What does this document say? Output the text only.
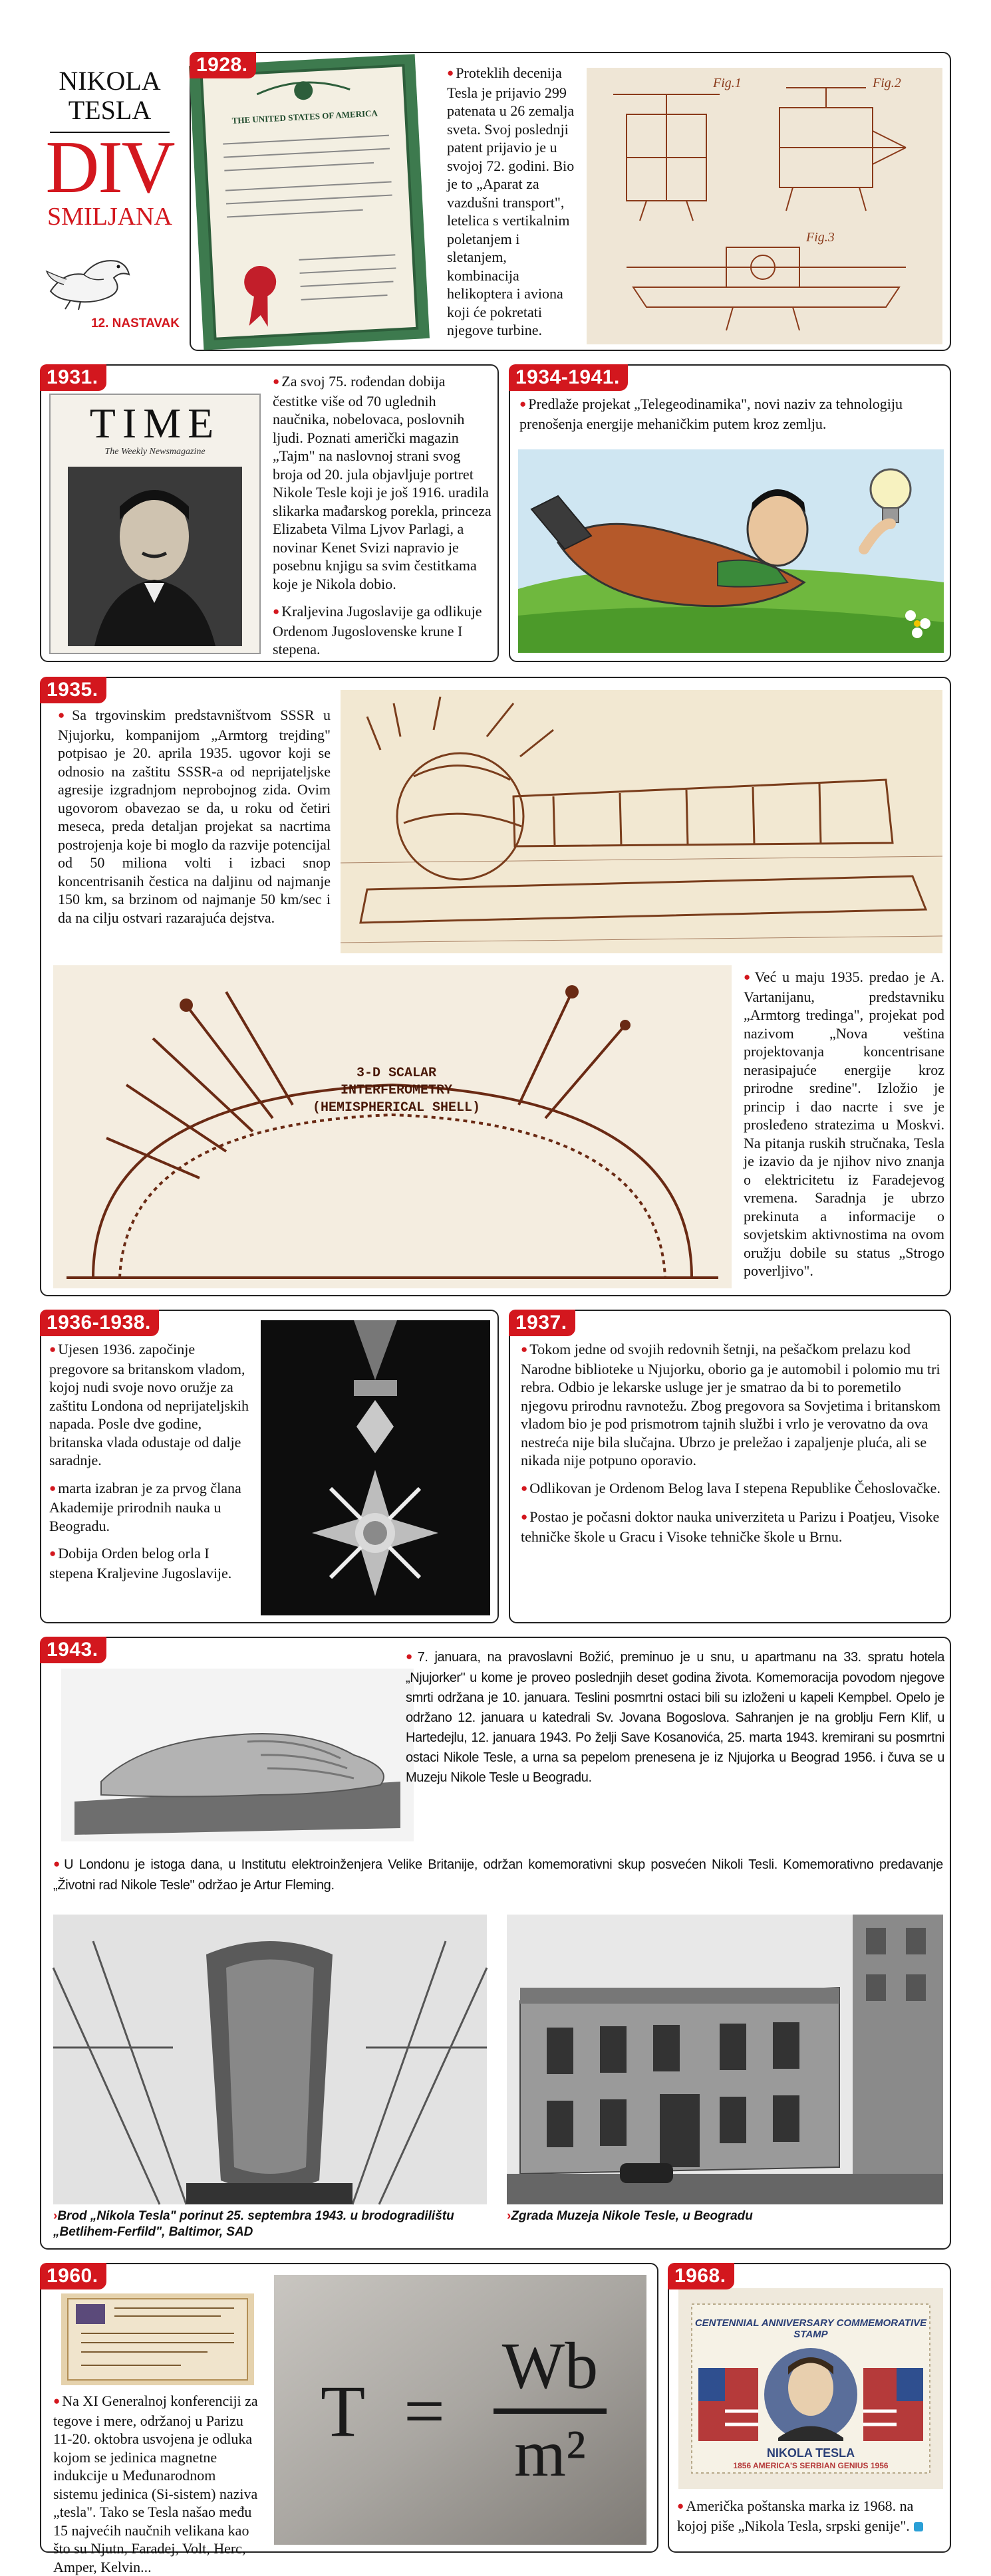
NIKOLA
TESLA
DIV
SMILJANA
12. NASTAVAK
1928.
THE UNITED STATES OF AMERICA
● Proteklih decenija Tesla je prijavio 299 patenata u 26 zemalja sveta. Svoj poslednji patent prijavio je u svojoj 72. godini. Bio je to „Aparat za vazdušni transport", letelica s vertikalnim poletanjem i sletanjem, kombinacija helikoptera i aviona koji će pokretati njegove turbine.
Fig.1	Fig.2
Fig.3
1931.
TIME
The Weekly Newsmagazine

● Za svoj 75. rođendan dobija čestitke više od 70 uglednih naučnika, nobelovaca, poslovnih ljudi. Poznati američki magazin „Tajm" na naslovnoj strani svog broja od 20. jula objavljuje portret Nikole Tesle koji je još 1916. uradila slikarka mađarskog porekla, princeza Elizabeta Vilma Ljvov Parlagi, a novinar Kenet Svizi napravio je posebnu knjigu sa svim čestitkama koje je Nikola dobio.

● Kraljevina Jugoslavije ga odlikuje Ordenom Jugoslovenske krune I stepena.

1934-1941.
● Predlaže projekat „Telegeodinamika", novi naziv za tehnologiju prenošenja energije mehaničkim putem kroz zemlju.
1935.
● Sa trgovinskim predstavništvom SSSR u Njujorku, kompanijom „Armtorg trejding" potpisao je 20. aprila 1935. ugovor koji se odnosio na zaštitu SSSR-a od neprijateljske agresije izgradnjom neprobojnog zida. Ovim ugovorom obavezao se da, u roku od četiri meseca, preda detaljan projekat sa nacrtima postrojenja koje bi moglo da razvije potencijal od 50 miliona volti i izbaci snop koncentrisanih čestica na daljinu od najmanje 150 km, sa brzinom od najmanje 50 km/sec i da na cilju ostvari razarajuća dejstva.
3-D SCALAR
INTERFEROMETRY
(HEMISPHERICAL SHELL)
● Već u maju 1935. predao je A. Vartanijanu, predstavniku „Armtorg tredinga", projekat pod nazivom „Nova veština projektovanja koncentrisane nerasipajuće energije kroz prirodne sredine". Izložio je princip i dao nacrte i sve je prosleđeno stratezima u Moskvi. Na pitanja ruskih stručnaka, Tesla je izavio da je njihov nivo znanja o elektricitetu iz Faradejevog vremena. Saradnja je ubrzo prekinuta a informacije o sovjetskim aktivnostima na ovom oružju dobile su status „Strogo poverljivo".
1936-1938.

● Ujesen 1936. započinje pregovore sa britanskom vladom, kojoj nudi svoje novo oružje za zaštitu Londona od neprijateljskih napada. Posle dve godine, britanska vlada odustaje od dalje saradnje.

● marta izabran je za prvog člana Akademije prirodnih nauka u Beogradu.

● Dobija Orden belog orla I stepena Kraljevine Jugoslavije.

1937.

● Tokom jedne od svojih redovnih šetnji, na pešačkom prelazu kod Narodne biblioteke u Njujorku, oborio ga je automobil i polomio mu tri rebra. Odbio je lekarske usluge jer je smatrao da bi to poremetilo njegovu prirodnu ravnotežu. Zbog pregovora sa Sovjetima i britanskom vladom bio je pod prismotrom tajnih službi i vrlo je verovatno da ova nestreća nije bila slučajna. Ubrzo je preležao i zapaljenje pluća, ali se nikada nije potpuno oporavio.

● Odlikovan je Ordenom Belog lava I stepena Republike Čehoslovačke.

● Postao je počasni doktor nauka univerziteta u Parizu i Poatjeu, Visoke tehničke škole u Gracu i Visoke tehničke škole u Brnu.

1943.	● 7. januara, na pravoslavni Božić, preminuo je u snu, u apartmanu na 33. spratu hotela „Njujorker" u kome je proveo poslednjih deset godina života. Komemoracija povodom njegove smrti održana je 10. januara. Teslini posmrtni ostaci bili su izloženi u kapeli Kempbel. Opelo je održano 12. januara u katedrali Sv. Jovana Bogoslova. Sahranjen je na groblju Fern Klif, u Hartedejlu, 12. januara 1943. Po želji Save Kosanovića, 25. marta 1943. kremirani su posmrtni ostaci Nikole Tesle, a urna sa pepelom prenesena je iz Njujorka u Beograd 1956. i čuva se u Muzeju Nikole Tesle u Beogradu.
● U Londonu je istoga dana, u Institutu elektroinženjera Velike Britanije, održan komemorativni skup posvećen Nikoli Tesli. Komemorativno predavanje „Životni rad Nikole Tesle" održao je Artur Fleming.
›Brod „Nikola Tesla" porinut 25. septembra 1943. u brodogradilištu „Betlihem-Ferfild", Baltimor, SAD
›Zgrada Muzeja Nikole Tesle, u Beogradu
1960.
● Na XI Generalnoj konferenciji za tegove i mere, održanoj u Parizu 11-20. oktobra usvojena je odluka kojom se jedinica magnetne indukcije u Međunarodnom sistemu jedinica (Si-sistem) naziva „tesla". Tako se Tesla našao među 15 najvećih naučnih velikana kao što su Njutn, Faradej, Volt, Herc, Amper, Kelvin...
T =
Wb
m²
1968.
CENTENNIAL ANNIVERSARY COMMEMORATIVE STAMP
NIKOLA TESLA
1856 AMERICA'S SERBIAN GENIUS 1956
● Američka poštanska marka iz 1968. na kojoj piše „Nikola Tesla, srpski genije".
